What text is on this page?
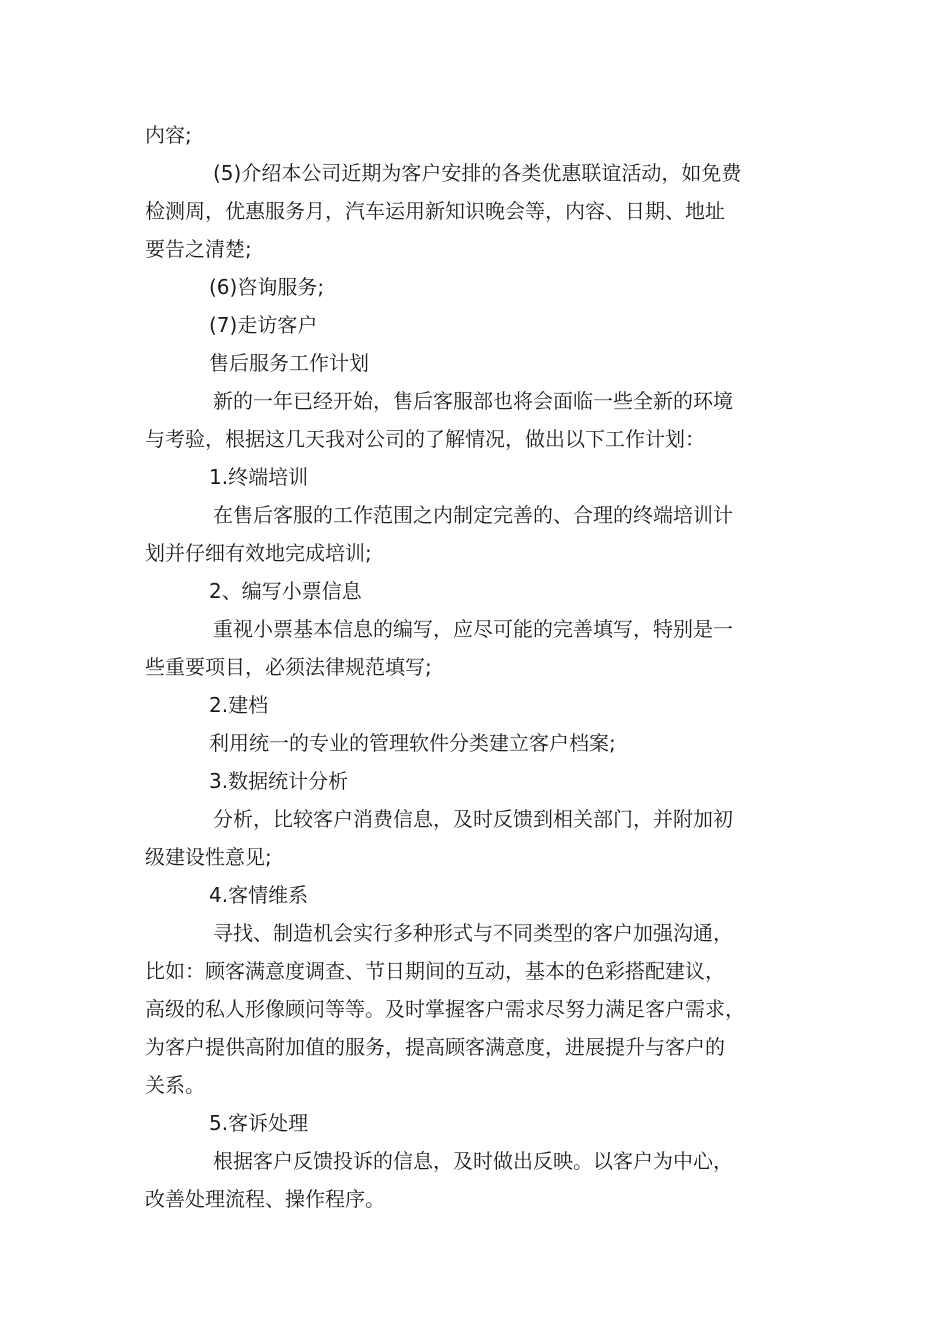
内容;

(5)介绍本公司近期为客户安排的各类优惠联谊活动，如免费

检测周，优惠服务月，汽车运用新知识晚会等，内容、日期、地址

要告之清楚;

(6)咨询服务;

(7)走访客户

售后服务工作计划

新的一年已经开始，售后客服部也将会面临一些全新的环境

与考验，根据这几天我对公司的了解情况，做出以下工作计划：

1.终端培训

在售后客服的工作范围之内制定完善的、合理的终端培训计

划并仔细有效地完成培训;

2、编写小票信息

重视小票基本信息的编写，应尽可能的完善填写，特别是一

些重要项目，必须法律规范填写;

2.建档

利用统一的专业的管理软件分类建立客户档案;

3.数据统计分析

分析，比较客户消费信息，及时反馈到相关部门，并附加初

级建设性意见;

4.客情维系

寻找、制造机会实行多种形式与不同类型的客户加强沟通，

比如：顾客满意度调查、节日期间的互动，基本的色彩搭配建议，

高级的私人形像顾问等等。及时掌握客户需求尽努力满足客户需求，

为客户提供高附加值的服务，提高顾客满意度，进展提升与客户的

关系。

5.客诉处理

根据客户反馈投诉的信息，及时做出反映。以客户为中心，

改善处理流程、操作程序。
